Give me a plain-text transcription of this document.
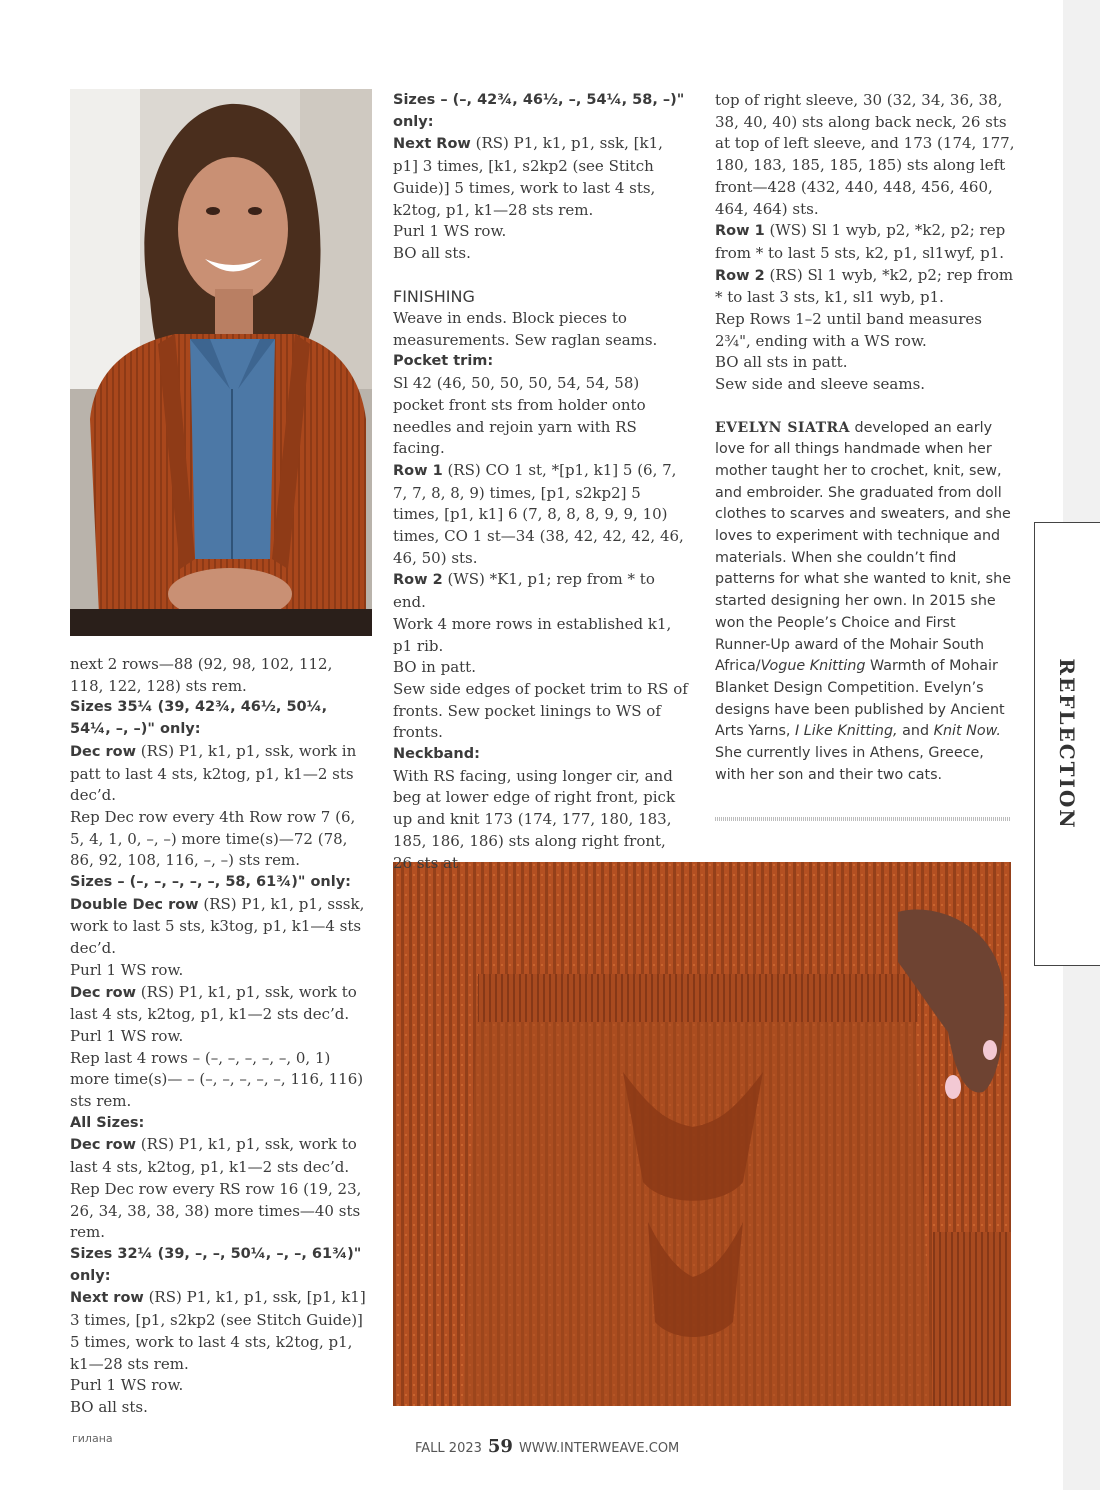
REFLECTION

next 2 rows—88 (92, 98, 102, 112, 118, 122, 128) sts rem.

Sizes 35¼ (39, 42¾, 46½, 50¼, 54¼, –, –)" only:

Dec row (RS) P1, k1, p1, ssk, work in patt to last 4 sts, k2tog, p1, k1—2 sts dec’d.

Rep Dec row every 4th Row row 7 (6, 5, 4, 1, 0, –, –) more time(s)—72 (78, 86, 92, 108, 116, –, –) sts rem.

Sizes – (–, –, –, –, –, 58, 61¾)" only:

Double Dec row (RS) P1, k1, p1, sssk, work to last 5 sts, k3tog, p1, k1—4 sts dec’d.

Purl 1 WS row.

Dec row (RS) P1, k1, p1, ssk, work to last 4 sts, k2tog, p1, k1—2 sts dec’d.

Purl 1 WS row.

Rep last 4 rows – (–, –, –, –, –, 0, 1) more time(s)— – (–, –, –, –, –, 116, 116) sts rem.

All Sizes:

Dec row (RS) P1, k1, p1, ssk, work to last 4 sts, k2tog, p1, k1—2 sts dec’d.

Rep Dec row every RS row 16 (19, 23, 26, 34, 38, 38, 38) more times—40 sts rem.

Sizes 32¼ (39, –, –, 50¼, –, –, 61¾)" only:

Next row (RS) P1, k1, p1, ssk, [p1, k1] 3 times, [p1, s2kp2 (see Stitch Guide)] 5 times, work to last 4 sts, k2tog, p1, k1—28 sts rem.

Purl 1 WS row.

BO all sts.

Sizes – (–, 42¾, 46½, –, 54¼, 58, –)" only:

Next Row (RS) P1, k1, p1, ssk, [k1, p1] 3 times, [k1, s2kp2 (see Stitch Guide)] 5 times, work to last 4 sts, k2tog, p1, k1—28 sts rem.

Purl 1 WS row.

BO all sts.

FINISHING

Weave in ends. Block pieces to measurements. Sew raglan seams.

Pocket trim:

Sl 42 (46, 50, 50, 50, 54, 54, 58) pocket front sts from holder onto needles and rejoin yarn with RS facing.

Row 1 (RS) CO 1 st, *[p1, k1] 5 (6, 7, 7, 7, 8, 8, 9) times, [p1, s2kp2] 5 times, [p1, k1] 6 (7, 8, 8, 8, 9, 9, 10) times, CO 1 st—34 (38, 42, 42, 42, 46, 46, 50) sts.

Row 2 (WS) *K1, p1; rep from * to end.

Work 4 more rows in established k1, p1 rib.

BO in patt.

Sew side edges of pocket trim to RS of fronts. Sew pocket linings to WS of fronts.

Neckband:

With RS facing, using longer cir, and beg at lower edge of right front, pick up and knit 173 (174, 177, 180, 183, 185, 186, 186) sts along right front, 26 sts at

top of right sleeve, 30 (32, 34, 36, 38, 38, 40, 40) sts along back neck, 26 sts at top of left sleeve, and 173 (174, 177, 180, 183, 185, 185, 185) sts along left front—428 (432, 440, 448, 456, 460, 464, 464) sts.

Row 1 (WS) Sl 1 wyb, p2, *k2, p2; rep from * to last 5 sts, k2, p1, sl1wyf, p1.

Row 2 (RS) Sl 1 wyb, *k2, p2; rep from * to last 3 sts, k1, sl1 wyb, p1.

Rep Rows 1–2 until band measures 2¾", ending with a WS row.

BO all sts in patt.

Sew side and sleeve seams.

EVELYN SIATRA developed an early love for all things handmade when her mother taught her to crochet, knit, sew, and embroider. She graduated from doll clothes to scarves and sweaters, and she loves to experiment with technique and materials. When she couldn’t find patterns for what she wanted to knit, she started designing her own. In 2015 she won the People’s Choice and First Runner-Up award of the Mohair South Africa/Vogue Knitting Warmth of Mohair Blanket Design Competition. Evelyn’s designs have been published by Ancient Arts Yarns, I Like Knitting, and Knit Now. She currently lives in Athens, Greece, with her son and their two cats.

гилана
FALL 2023 59 WWW.INTERWEAVE.COM
